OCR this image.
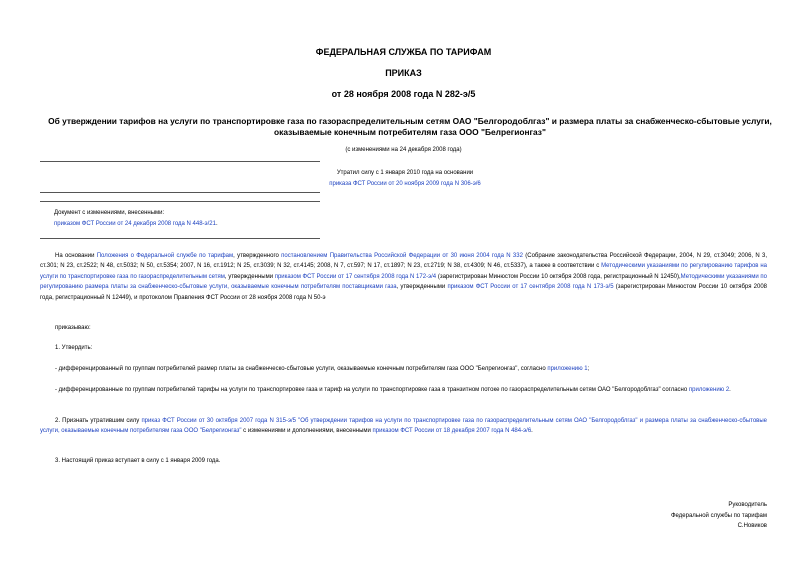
ФЕДЕРАЛЬНАЯ СЛУЖБА ПО ТАРИФАМ
ПРИКАЗ
от 28 ноября 2008 года N 282-э/5
Об утверждении тарифов на услуги по транспортировке газа по газораспределительным сетям ОАО "Белгородоблгаз" и размера платы за снабженческо-сбытовые услуги, оказываемые конечным потребителям газа ООО "Белрегионгаз"
(с изменениями на 24 декабря 2008 года)
Утратил силу с 1 января 2010 года на основании
приказа ФСТ России от 20 ноября 2009 года N 306-э/6
Документ с изменениями, внесенными:
приказом ФСТ России от 24 декабря 2008 года N 448-э/21.
На основании Положения о Федеральной службе по тарифам, утвержденного постановлением Правительства Российской Федерации от 30 июня 2004 года N 332 (Собрание законодательства Российской Федерации, 2004, N 29, ст.3049; 2006, N 3, ст.301; N 23, ст.2522; N 48, ст.5032; N 50, ст.5354; 2007, N 16, ст.1912; N 25, ст.3039; N 32, ст.4145; 2008, N 7, ст.597; N 17, ст.1897; N 23, ст.2719; N 38, ст.4309; N 46, ст.5337), а также в соответствии с Методическими указаниями по регулированию тарифов на услуги по транспортировке газа по газораспределительным сетям, утвержденными приказом ФСТ России от 17 сентября 2008 года N 172-э/4 (зарегистрирован Минюстом России 10 октября 2008 года, регистрационный N 12450),Методическими указаниями по регулированию размера платы за снабженческо-сбытовые услуги, оказываемые конечным потребителям поставщиками газа, утвержденными приказом ФСТ России от 17 сентября 2008 года N 173-э/5 (зарегистрирован Минюстом России 10 октября 2008 года, регистрационный N 12449), и протоколом Правления ФСТ России от 28 ноября 2008 года N 50-э
приказываю:
1. Утвердить:
- дифференцированный по группам потребителей размер платы за снабженческо-сбытовые услуги, оказываемые конечным потребителям газа ООО "Белрегионгаз", согласно приложению 1;
- дифференцированные по группам потребителей тарифы на услуги по транспортировке газа и тариф на услуги по транспортировке газа в транзитном потоке по газораспределительным сетям ОАО "Белгородоблгаз" согласно приложению 2.
2. Признать утратившим силу приказ ФСТ России от 30 октября 2007 года N 315-э/5 "Об утверждении тарифов на услуги по транспортировке газа по газораспределительным сетям ОАО "Белгородоблгаз" и размера платы за снабженческо-сбытовые услуги, оказываемые конечным потребителям газа ООО "Белрегионгаз" с изменениями и дополнениями, внесенными приказом ФСТ России от 18 декабря 2007 года N 484-э/6.
3. Настоящий приказ вступает в силу с 1 января 2009 года.
Руководитель
Федеральной службы по тарифам
С.Новиков
